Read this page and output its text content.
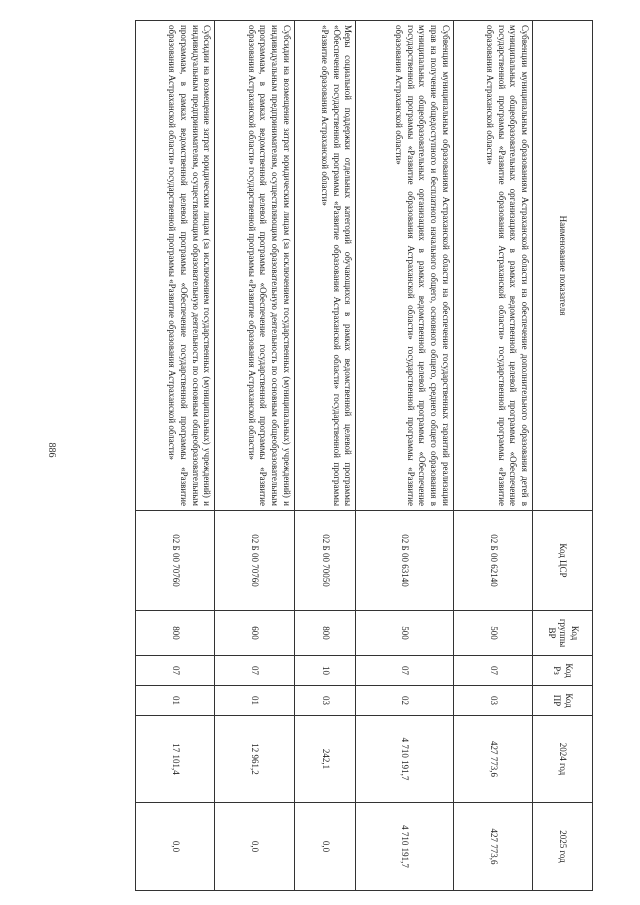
886
Наименование показателя	Код ЦСР	Код группы ВР	Код Рз	Код ПР	2024 год	2025 год
Субвенции муниципальным образованиям Астраханской области на обеспечение дополнительного образования детей в муниципальных общеобразовательных организациях в рамках ведомственной целевой программы «Обеспечение государственной программы «Развитие образования Астраханской области» государственной программы «Развитие образования Астраханской области»	02 Б 00 62140	500	07	03	427 773,6	427 773,6
Субвенции муниципальным образованиям Астраханской области на обеспечение государственных гарантий реализации прав на получение общедоступного и бесплатного начального общего, основного общего, среднего общего образования в муниципальных общеобразовательных организациях в рамках ведомственной целевой программы «Обеспечение государственной программы «Развитие образования Астраханской области» государственной программы «Развитие образования Астраханской области»	02 Б 00 63140	500	07	02	4 710 191,7	4 710 191,7
Меры социальной поддержки отдельных категорий обучающихся в рамках ведомственной целевой программы «Обеспечение государственной программы «Развитие образования Астраханской области» государственной программы «Развитие образования Астраханской области»	02 Б 00 70050	800	10	03	242,1	0,0
Субсидии на возмещение затрат юридическим лицам (за исключением государственных (муниципальных) учреждений) и индивидуальным предпринимателям, осуществляющим образовательную деятельность по основным общеобразовательным программам, в рамках ведомственной целевой программы «Обеспечение государственной программы «Развитие образования Астраханской области» государственной программы «Развитие образования Астраханской области»	02 Б 00 70760	600	07	01	12 961,2	0,0
Субсидии на возмещение затрат юридическим лицам (за исключением государственных (муниципальных) учреждений) и индивидуальным предпринимателям, осуществляющим образовательную деятельность по основным общеобразовательным программам, в рамках ведомственной целевой программы «Обеспечение государственной программы «Развитие образования Астраханской области» государственной программы «Развитие образования Астраханской области»	02 Б 00 70760	800	07	01	17 101,4	0,0
